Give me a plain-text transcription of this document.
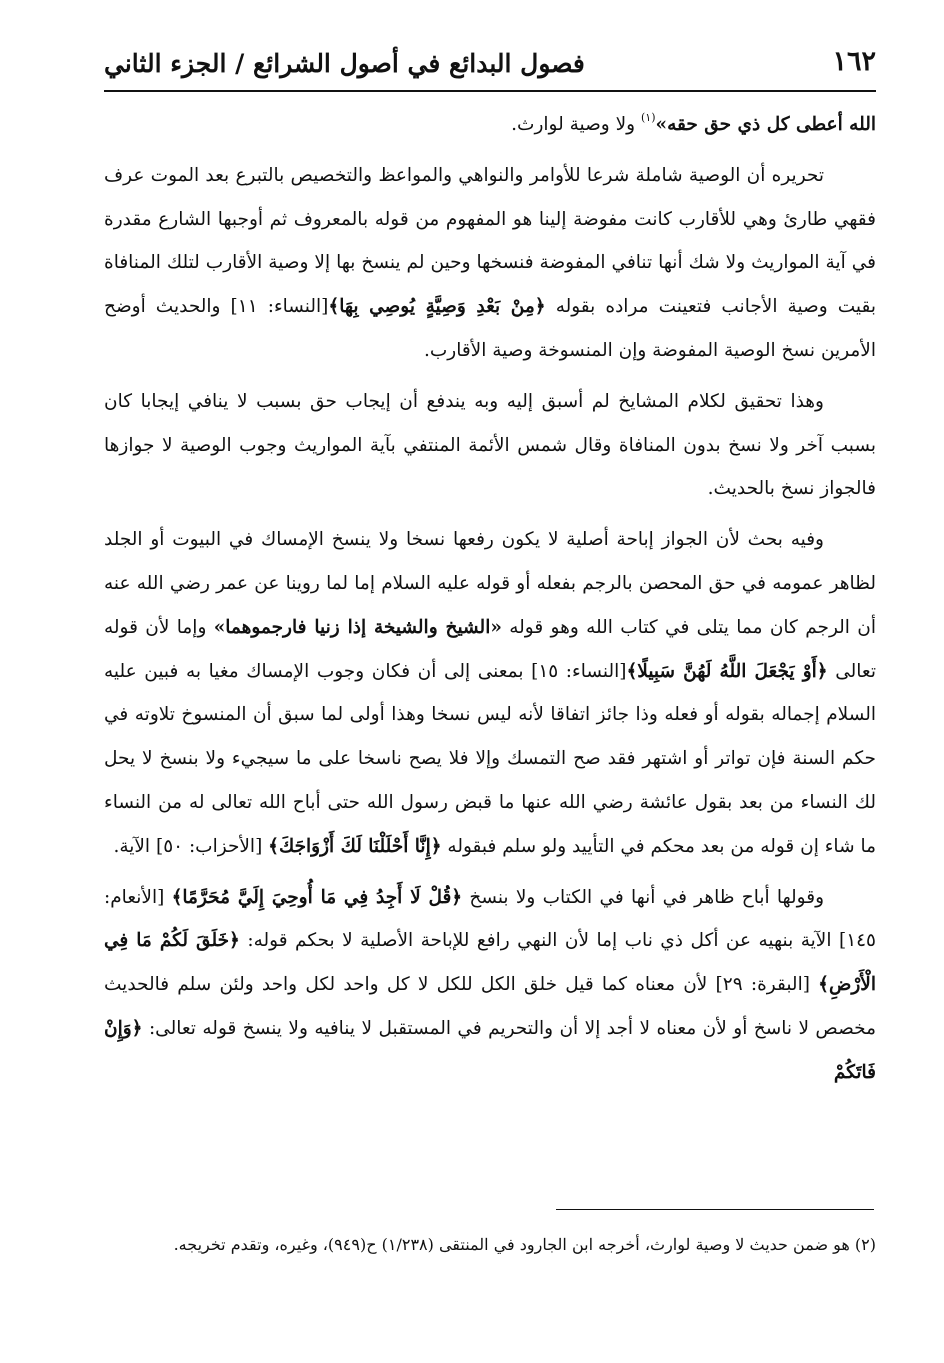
١٦٢
فصول البدائع في أصول الشرائع / الجزء الثاني

الله أعطى كل ذي حق حقه»$^{(١)}$ ولا وصية لوارث.

تحريره أن الوصية شاملة شرعا للأوامر والنواهي والمواعظ والتخصيص بالتبرع بعد الموت عرف فقهي طارئ وهي للأقارب كانت مفوضة إلينا هو المفهوم من قوله بالمعروف ثم أوجبها الشارع مقدرة في آية المواريث ولا شك أنها تنافي المفوضة فنسخها وحين لم ينسخ بها إلا وصية الأقارب لتلك المنافاة بقيت وصية الأجانب فتعينت مراده بقوله ﴿مِنْ بَعْدِ وَصِيَّةٍ يُوصِي بِهَا﴾[النساء: ١١] والحديث أوضح الأمرين نسخ الوصية المفوضة وإن المنسوخة وصية الأقارب.

وهذا تحقيق لكلام المشايخ لم أسبق إليه وبه يندفع أن إيجاب حق بسبب لا ينافي إيجابا كان بسبب آخر ولا نسخ بدون المنافاة وقال شمس الأئمة المنتفي بآية المواريث وجوب الوصية لا جوازها فالجواز نسخ بالحديث.

وفيه بحث لأن الجواز إباحة أصلية لا يكون رفعها نسخا ولا ينسخ الإمساك في البيوت أو الجلد لظاهر عمومه في حق المحصن بالرجم بفعله أو قوله عليه السلام إما لما روينا عن عمر رضي الله عنه أن الرجم كان مما يتلى في كتاب الله وهو قوله «الشيخ والشيخة إذا زنيا فارجموهما» وإما لأن قوله تعالى ﴿أَوْ يَجْعَلَ اللَّهُ لَهُنَّ سَبِيلًا﴾[النساء: ١٥] بمعنى إلى أن فكان وجوب الإمساك مغيا به فبين عليه السلام إجماله بقوله أو فعله وذا جائز اتفاقا لأنه ليس نسخا وهذا أولى لما سبق أن المنسوخ تلاوته في حكم السنة فإن تواتر أو اشتهر فقد صح التمسك وإلا فلا يصح ناسخا على ما سيجيء ولا بنسخ لا يحل لك النساء من بعد بقول عائشة رضي الله عنها ما قبض رسول الله حتى أباح الله تعالى له من النساء ما شاء إن قوله من بعد محكم في التأييد ولو سلم فبقوله ﴿إِنَّا أَحْلَلْنَا لَكَ أَزْوَاجَكَ﴾ [الأحزاب: ٥٠] الآية.

وقولها أباح ظاهر في أنها في الكتاب ولا بنسخ ﴿قُلْ لَا أَجِدُ فِي مَا أُوحِيَ إِلَيَّ مُحَرَّمًا﴾ [الأنعام: ١٤٥] الآية بنهيه عن أكل ذي ناب إما لأن النهي رافع للإباحة الأصلية لا بحكم قوله: ﴿خَلَقَ لَكُمْ مَا فِي الْأَرْضِ﴾ [البقرة: ٢٩] لأن معناه كما قيل خلق الكل للكل لا كل واحد لكل واحد ولئن سلم فالحديث مخصص لا ناسخ أو لأن معناه لا أجد إلا أن والتحريم في المستقبل لا ينافيه ولا ينسخ قوله تعالى: ﴿وَإِنْ فَاتَكُمْ

(٢) هو ضمن حديث لا وصية لوارث، أخرجه ابن الجارود في المنتقى (١/٢٣٨) ح(٩٤٩)، وغيره، وتقدم تخريجه.
